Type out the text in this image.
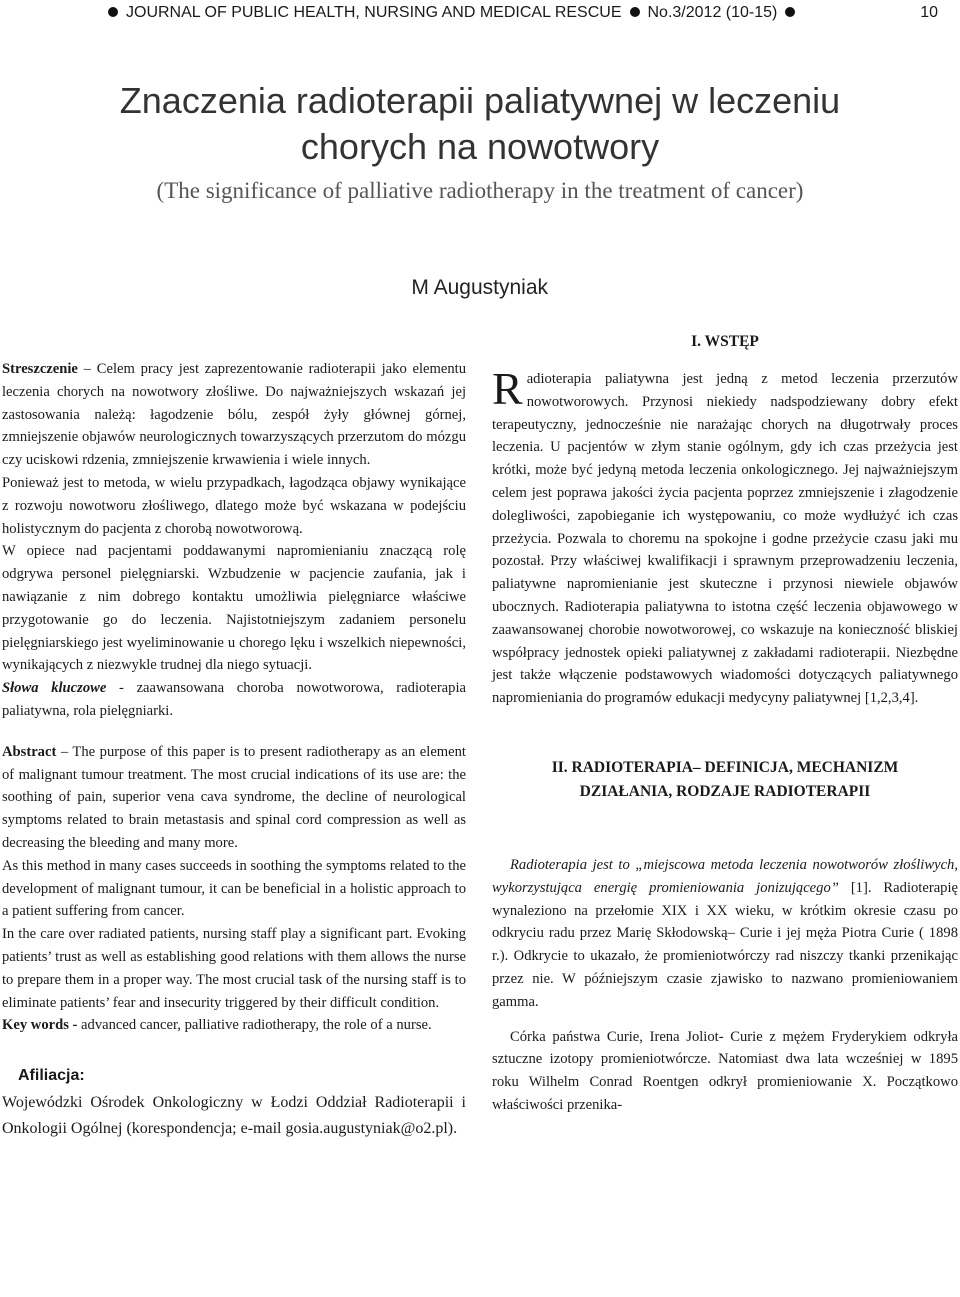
JOURNAL OF PUBLIC HEALTH, NURSING AND MEDICAL RESCUE No.3/2012 (10-15)	10
Znaczenia radioterapii paliatywnej w leczeniu
chorych na nowotwory
(The significance of palliative radiotherapy in the treatment of cancer)
M Augustyniak

Streszczenie – Celem pracy jest zaprezentowanie radioterapii jako elementu leczenia chorych na nowotwory złośliwe. Do najważniejszych wskazań jej zastosowania należą: łagodzenie bólu, zespół żyły głównej górnej, zmniejszenie objawów neurologicznych towarzyszących przerzutom do mózgu czy uciskowi rdzenia, zmniejszenie krwawienia i wiele innych.

Ponieważ jest to metoda, w wielu przypadkach, łagodząca objawy wynikające z rozwoju nowotworu złośliwego, dlatego może być wskazana w podejściu holistycznym do pacjenta z chorobą nowotworową.

W opiece nad pacjentami poddawanymi napromienianiu znaczącą rolę odgrywa personel pielęgniarski. Wzbudzenie w pacjencie zaufania, jak i nawiązanie z nim dobrego kontaktu umożliwia pielęgniarce właściwe przygotowanie go do leczenia. Najistotniejszym zadaniem personelu pielęgniarskiego jest wyeliminowanie u chorego lęku i wszelkich niepewności, wynikających z niezwykle trudnej dla niego sytuacji.

Słowa kluczowe - zaawansowana choroba nowotworowa, radioterapia paliatywna, rola pielęgniarki.

Abstract – The purpose of this paper is to present radiotherapy as an element of malignant tumour treatment. The most crucial indications of its use are: the soothing of pain, superior vena cava syndrome, the decline of neurological symptoms related to brain metastasis and spinal cord compression as well as decreasing the bleeding and many more.

As this method in many cases succeeds in soothing the symptoms related to the development of malignant tumour, it can be beneficial in a holistic approach to a patient suffering from cancer.

In the care over radiated patients, nursing staff play a significant part. Evoking patients’ trust as well as establishing good relations with them allows the nurse to prepare them in a proper way. The most crucial task of the nursing staff is to eliminate patients’ fear and insecurity triggered by their difficult condition.

Key words - advanced cancer, palliative radiotherapy, the role of a nurse.

Afiliacja:

Wojewódzki Ośrodek Onkologiczny w Łodzi Oddział Radioterapii i Onkologii Ogólnej (korespondencja; e-mail gosia.augustyniak@o2.pl).

I. WSTĘP

Radioterapia paliatywna jest jedną z metod leczenia przerzutów nowotworowych. Przynosi niekiedy nadspodziewany dobry efekt terapeutyczny, jednocześnie nie narażając chorych na długotrwały proces leczenia. U pacjentów w złym stanie ogólnym, gdy ich czas przeżycia jest krótki, może być jedyną metoda leczenia onkologicznego. Jej najważniejszym celem jest poprawa jakości życia pacjenta poprzez zmniejszenie i złagodzenie dolegliwości, zapobieganie ich występowaniu, co może wydłużyć ich czas przeżycia. Pozwala to choremu na spokojne i godne przeżycie czasu jaki mu pozostał. Przy właściwej kwalifikacji i sprawnym przeprowadzeniu leczenia, paliatywne napromienianie jest skuteczne i przynosi niewiele objawów ubocznych. Radioterapia paliatywna to istotna część leczenia objawowego w zaawansowanej chorobie nowotworowej, co wskazuje na konieczność bliskiej współpracy jednostek opieki paliatywnej z zakładami radioterapii. Niezbędne jest także włączenie podstawowych wiadomości dotyczących paliatywnego napromieniania do programów edukacji medycyny paliatywnej [1,2,3,4].

II. RADIOTERAPIA– DEFINICJA, MECHANIZM
DZIAŁANIA, RODZAJE RADIOTERAPII

Radioterapia jest to „miejscowa metoda leczenia nowotworów złośliwych, wykorzystująca energię promieniowania jonizującego” [1]. Radioterapię wynaleziono na przełomie XIX i XX wieku, w krótkim okresie czasu po odkryciu radu przez Marię Skłodowską– Curie i jej męża Piotra Curie ( 1898 r.). Odkrycie to ukazało, że promieniotwórczy rad niszczy tkanki przenikając przez nie. W późniejszym czasie zjawisko to nazwano promieniowaniem gamma.

Córka państwa Curie, Irena Joliot- Curie z mężem Fryderykiem odkryła sztuczne izotopy promieniotwórcze. Natomiast dwa lata wcześniej w 1895 roku Wilhelm Conrad Roentgen odkrył promieniowanie X. Początkowo właściwości przenika-
